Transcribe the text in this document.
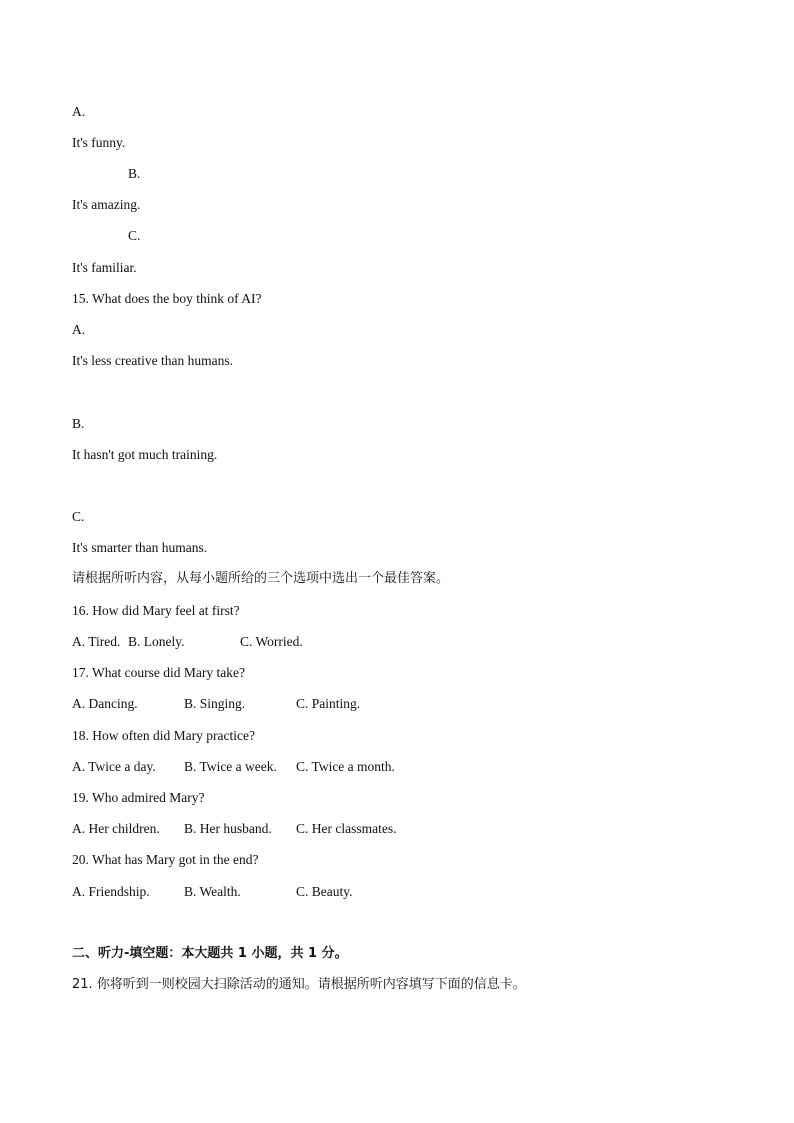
A.
It's funny.
B.
It's amazing.
C.
It's familiar.
15. What does the boy think of AI?
A.
It's less creative than humans.
B.
It hasn't got much training.
C.
It's smarter than humans.
请根据所听内容，从每小题所给的三个选项中选出一个最佳答案。
16. How did Mary feel at first?
A. Tired. B. Lonely.	C. Worried.
17. What course did Mary take?
A. Dancing.	B. Singing.	C. Painting.
18. How often did Mary practice?
A. Twice a day. B. Twice a week. C. Twice a month.
19. Who admired Mary?
A. Her children. B. Her husband. C. Her classmates.
20. What has Mary got in the end?
A. Friendship.	B. Wealth.	C. Beauty.
二、听力-填空题：本大题共 1 小题，共 1 分。
21. 你将听到一则校园大扫除活动的通知。请根据所听内容填写下面的信息卡。
